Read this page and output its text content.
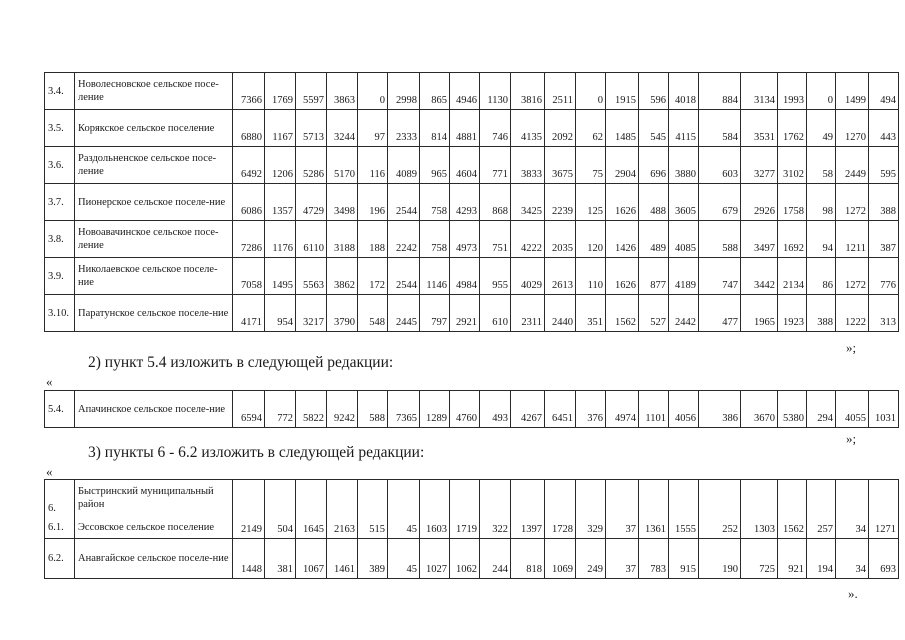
3.4.	Новолесновское сельское посе-ление	7366	1769	5597	3863	0	2998	865	4946	1130	3816	2511	0	1915	596	4018	884	3134	1993	0	1499	494
3.5.	Корякское сельское поселение	6880	1167	5713	3244	97	2333	814	4881	746	4135	2092	62	1485	545	4115	584	3531	1762	49	1270	443
3.6.	Раздольненское сельское посе-ление	6492	1206	5286	5170	116	4089	965	4604	771	3833	3675	75	2904	696	3880	603	3277	3102	58	2449	595
3.7.	Пионерское сельское поселе-ние	6086	1357	4729	3498	196	2544	758	4293	868	3425	2239	125	1626	488	3605	679	2926	1758	98	1272	388
3.8.	Новоавачинское сельское посе-ление	7286	1176	6110	3188	188	2242	758	4973	751	4222	2035	120	1426	489	4085	588	3497	1692	94	1211	387
3.9.	Николаевское сельское поселе-ние	7058	1495	5563	3862	172	2544	1146	4984	955	4029	2613	110	1626	877	4189	747	3442	2134	86	1272	776
3.10.	Паратунское сельское поселе-ние	4171	954	3217	3790	548	2445	797	2921	610	2311	2440	351	1562	527	2442	477	1965	1923	388	1222	313
»;

2) пункт 5.4 изложить в следующей редакции:

«
5.4.	Апачинское сельское поселе-ние	6594	772	5822	9242	588	7365	1289	4760	493	4267	6451	376	4974	1101	4056	386	3670	5380	294	4055	1031
»;

3) пункты 6 - 6.2 изложить в следующей редакции:

«
6.	Быстринский муниципальный район																					
6.1.	Эссовское сельское поселение	2149	504	1645	2163	515	45	1603	1719	322	1397	1728	329	37	1361	1555	252	1303	1562	257	34	1271
6.2.	Анавгайское сельское поселе-ние	1448	381	1067	1461	389	45	1027	1062	244	818	1069	249	37	783	915	190	725	921	194	34	693
».
